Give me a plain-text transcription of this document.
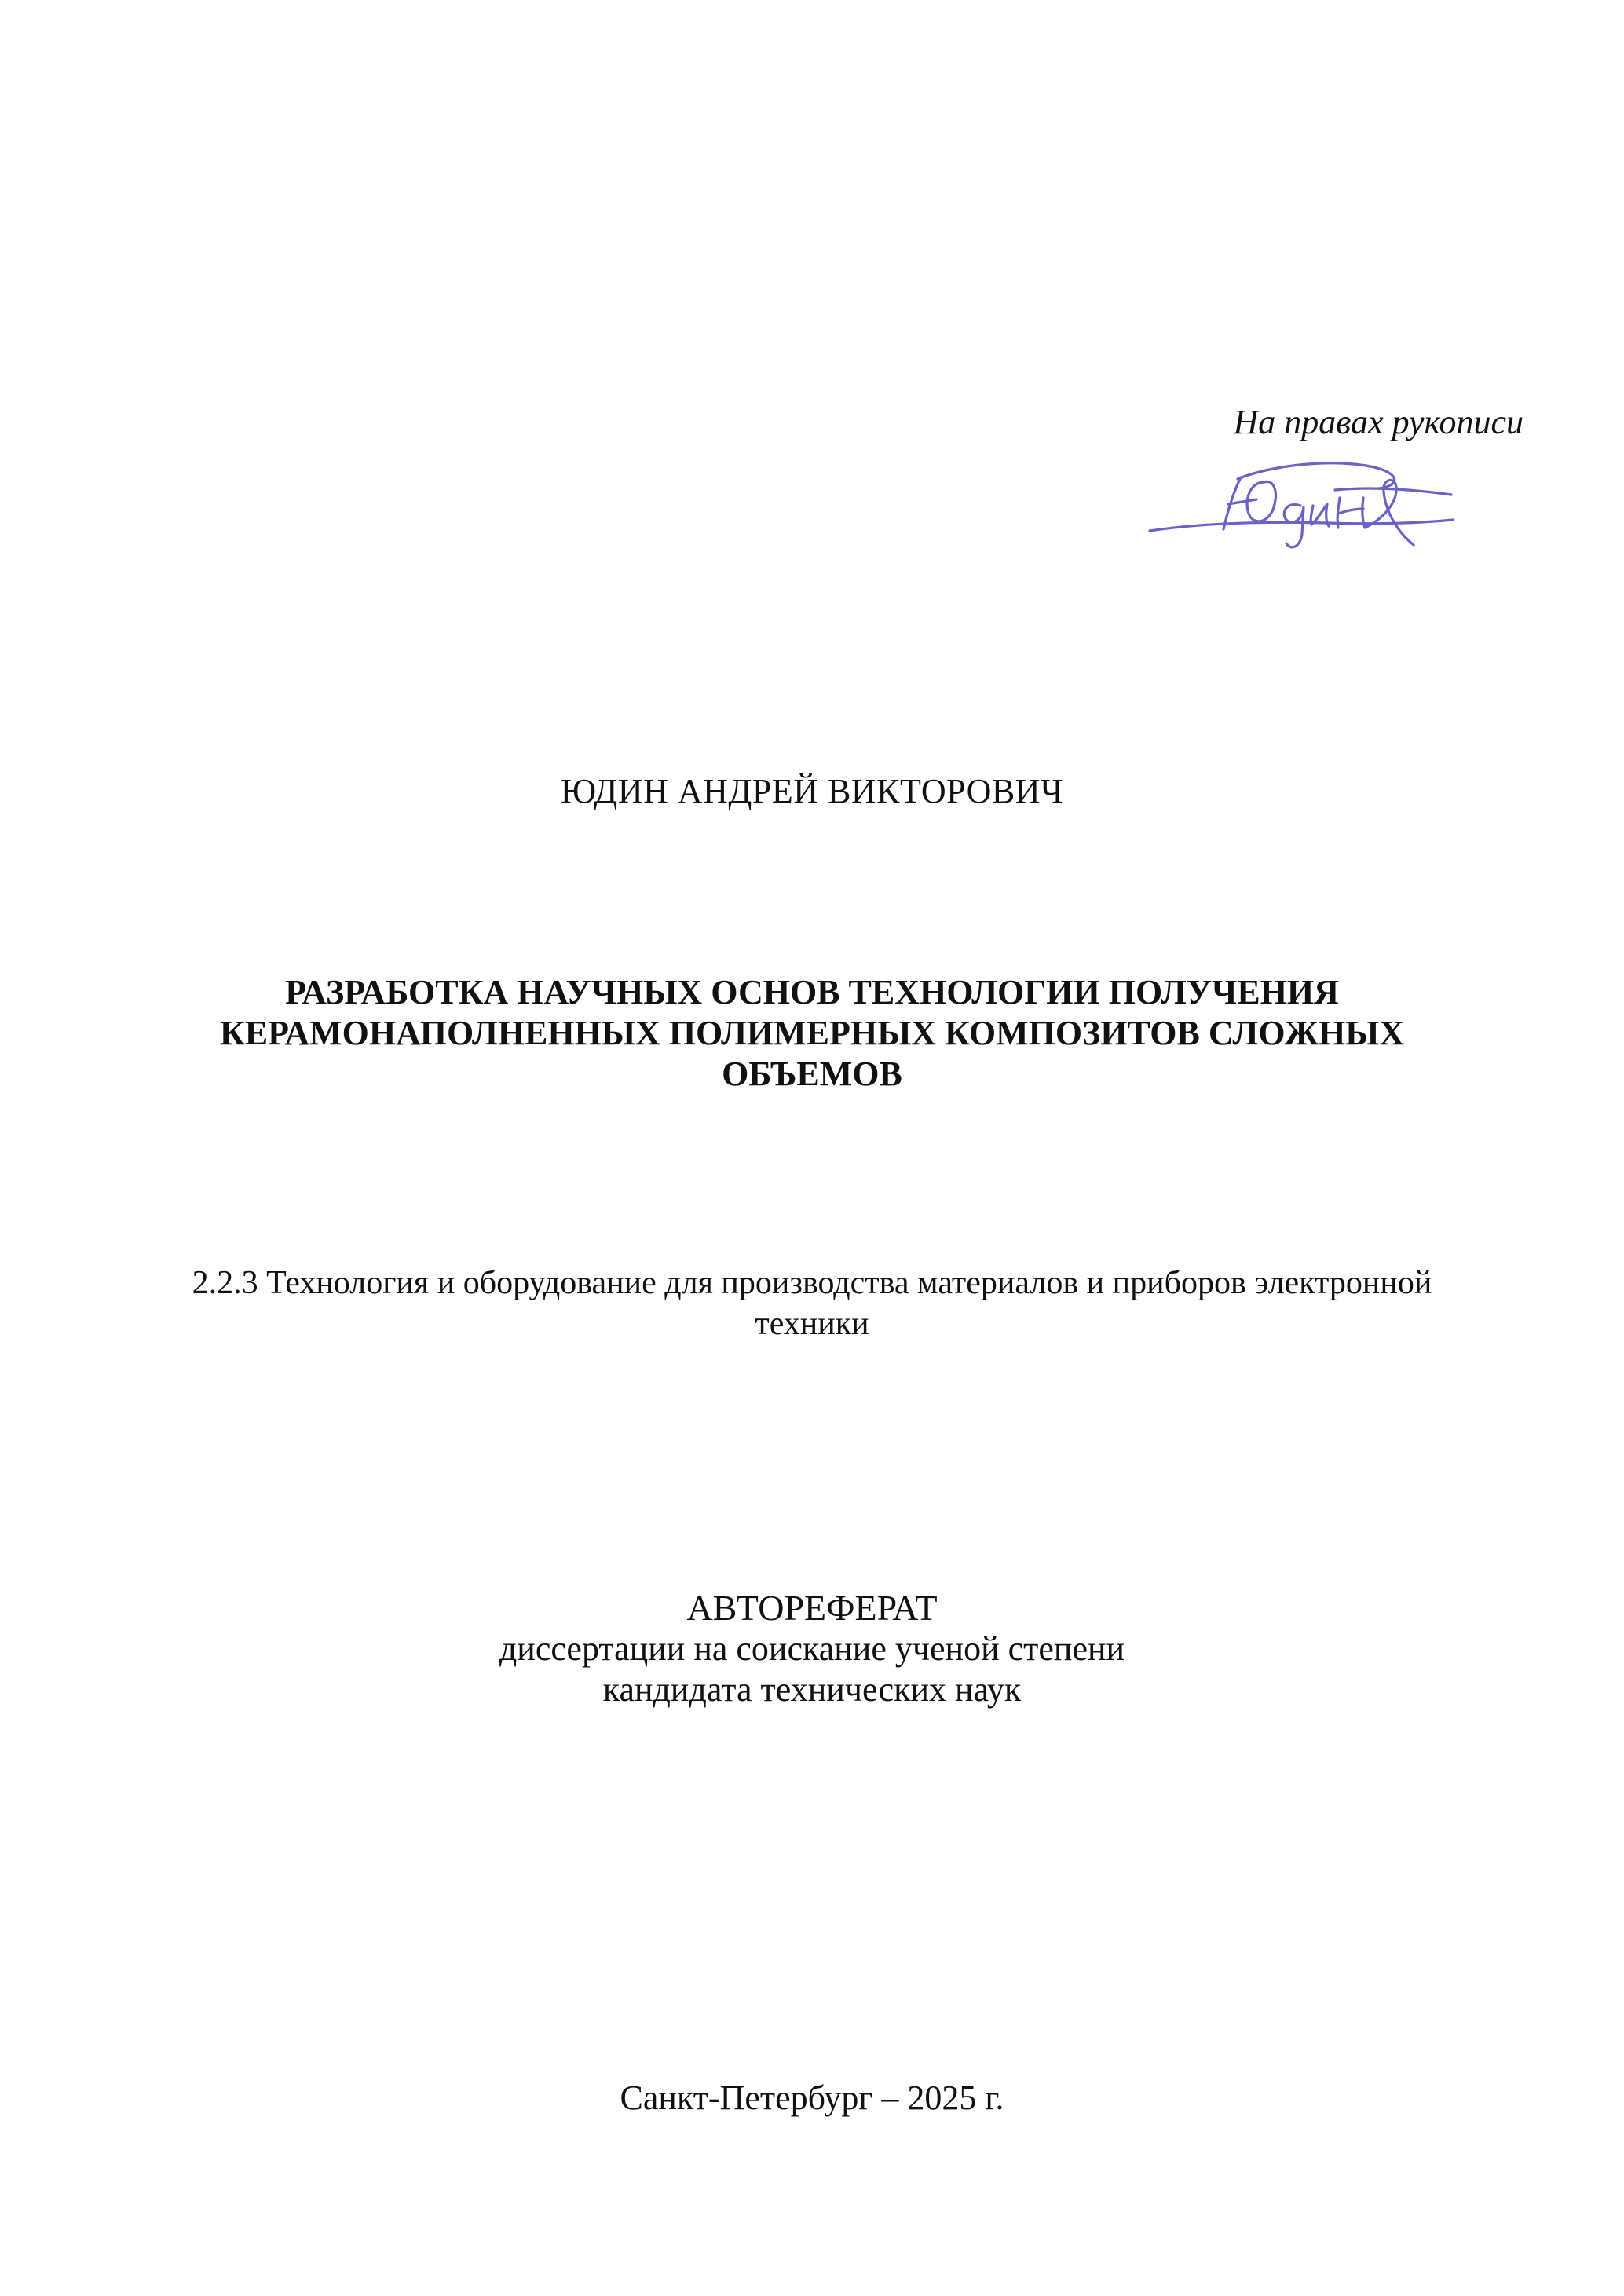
На правах рукописи
ЮДИН АНДРЕЙ ВИКТОРОВИЧ
РАЗРАБОТКА НАУЧНЫХ ОСНОВ ТЕХНОЛОГИИ ПОЛУЧЕНИЯ
КЕРАМОНАПОЛНЕННЫХ ПОЛИМЕРНЫХ КОМПОЗИТОВ СЛОЖНЫХ
ОБЪЕМОВ
2.2.3 Технология и оборудование для производства материалов и приборов электронной
техники
АВТОРЕФЕРАТ
диссертации на соискание ученой степени
кандидата технических наук
Санкт-Петербург – 2025 г.
